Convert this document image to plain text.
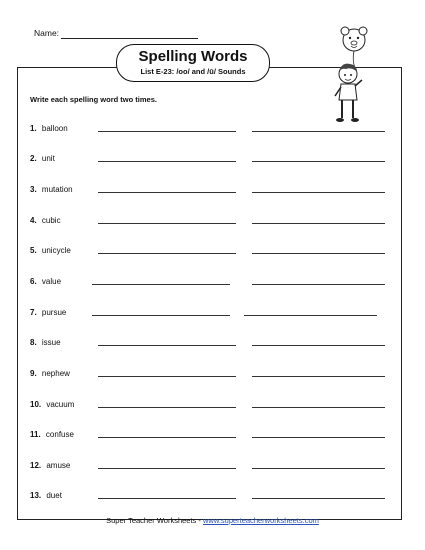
Name:
Spelling Words
List E-23: /oo/ and /ū/ Sounds
Write each spelling word two times.
1. balloon
2. unit
3. mutation
4. cubic
5. unicycle
6. value
7. pursue
8. issue
9. nephew
10. vacuum
11. confuse
12. amuse
13. duet
Super Teacher Worksheets - www.superteacherworksheets.com
